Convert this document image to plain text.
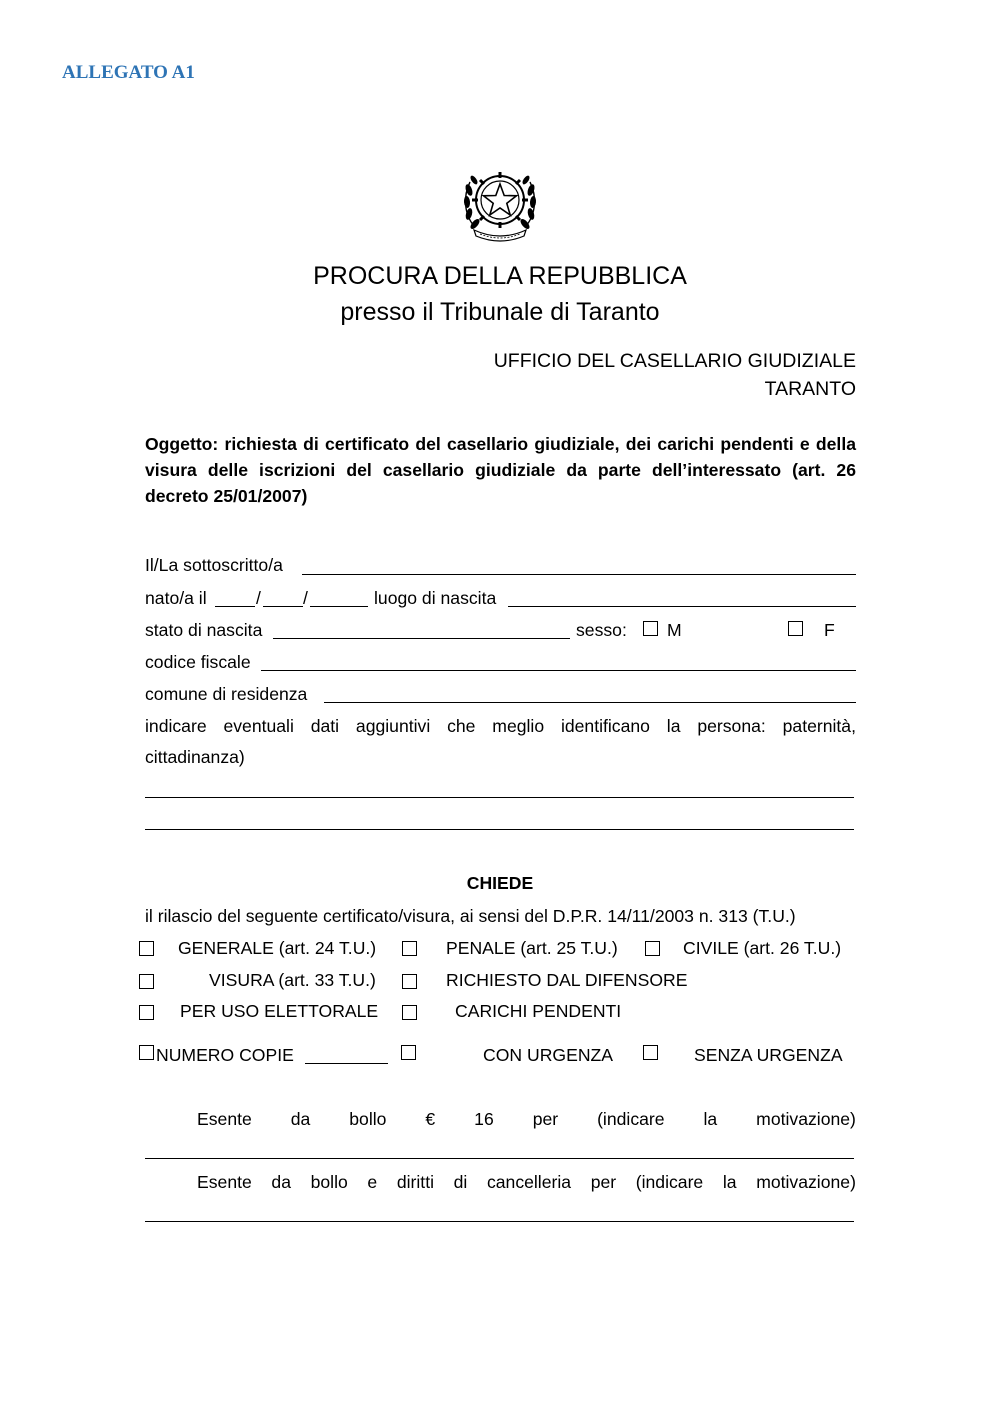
ALLEGATO A1
PROCURA DELLA REPUBBLICA
presso il Tribunale di Taranto
UFFICIO DEL CASELLARIO GIUDIZIALE
TARANTO
Oggetto: richiesta di certificato del casellario giudiziale, dei carichi pendenti e della visura delle iscrizioni del casellario giudiziale da parte dell’interessato (art. 26 decreto 25/01/2007)
Il/La sottoscritto/a
nato/a il	/ /	luogo di nascita
stato di nascita	sesso: M	F
codice fiscale
comune di residenza
indicare eventuali dati aggiuntivi che meglio identificano la persona: paternità,
cittadinanza)
CHIEDE
il rilascio del seguente certificato/visura, ai sensi del D.P.R. 14/11/2003 n. 313 (T.U.)
GENERALE (art. 24 T.U.)	PENALE (art. 25 T.U.)	CIVILE (art. 26 T.U.)
VISURA (art. 33 T.U.)	RICHIESTO DAL DIFENSORE
PER USO ELETTORALE	CARICHI PENDENTI
NUMERO COPIE	CON URGENZA	SENZA URGENZA
Esente da bollo € 16 per (indicare la motivazione)
Esente da bollo e diritti di cancelleria per (indicare la motivazione)
